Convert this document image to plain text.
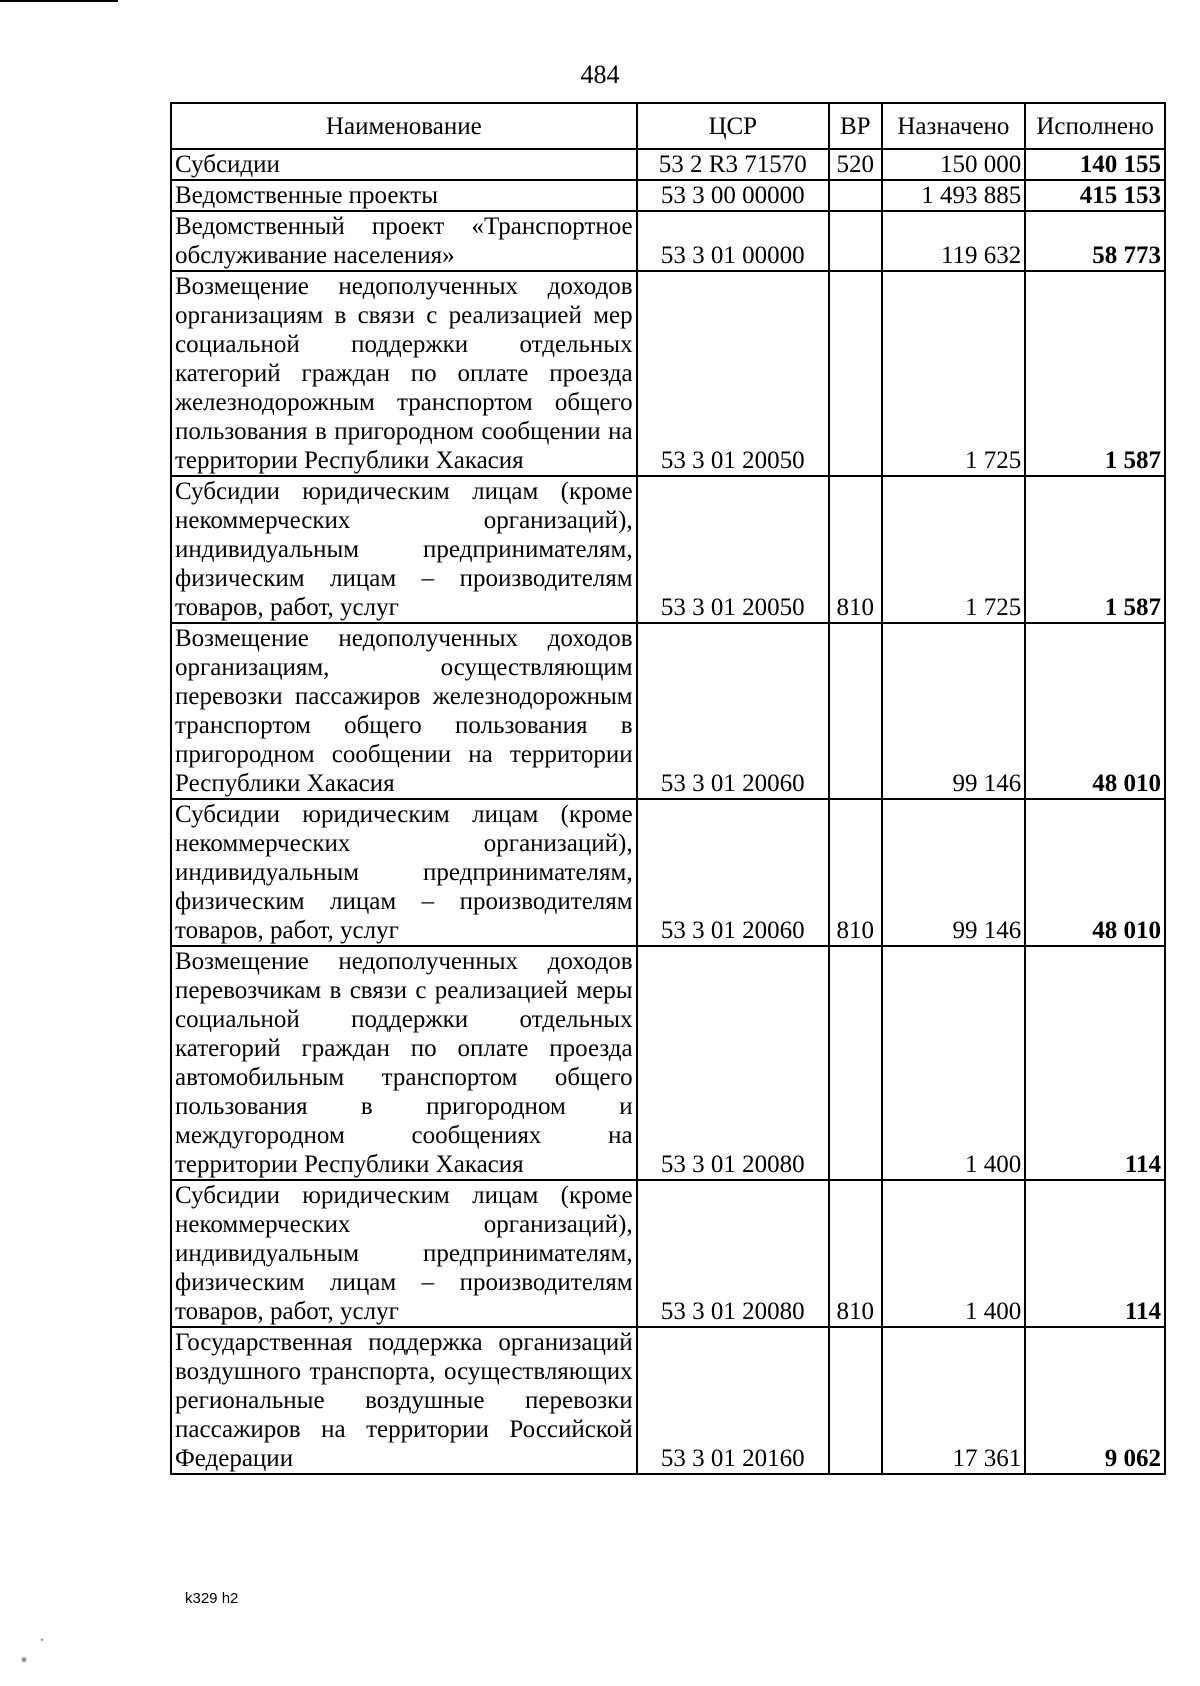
484
Наименование	ЦСР	ВР	Назначено	Исполнено
Субсидии	53 2 R3 71570	520	150 000	140 155
Ведомственные проекты	53 3 00 00000		1 493 885	415 153
Ведомственный проект «Транспортное обслуживание населения»	53 3 01 00000		119 632	58 773
Возмещение недополученных доходов организациям в связи с реализацией мер социальной поддержки отдельных категорий граждан по оплате проезда железнодорожным транспортом общего пользования в пригородном сообщении на территории Республики Хакасия	53 3 01 20050		1 725	1 587
Субсидии юридическим лицам (кроме некоммерческих организаций), индивидуальным предпринимателям, физическим лицам – производителям товаров, работ, услуг	53 3 01 20050	810	1 725	1 587
Возмещение недополученных доходов организациям, осуществляющим перевозки пассажиров железнодорожным транспортом общего пользования в пригородном сообщении на территории Республики Хакасия	53 3 01 20060		99 146	48 010
Субсидии юридическим лицам (кроме некоммерческих организаций), индивидуальным предпринимателям, физическим лицам – производителям товаров, работ, услуг	53 3 01 20060	810	99 146	48 010
Возмещение недополученных доходов перевозчикам в связи с реализацией меры социальной поддержки отдельных категорий граждан по оплате проезда автомобильным транспортом общего пользования в пригородном и междугородном сообщениях на территории Республики Хакасия	53 3 01 20080		1 400	114
Субсидии юридическим лицам (кроме некоммерческих организаций), индивидуальным предпринимателям, физическим лицам – производителям товаров, работ, услуг	53 3 01 20080	810	1 400	114
Государственная поддержка организаций воздушного транспорта, осуществляющих региональные воздушные перевозки пассажиров на территории Российской Федерации	53 3 01 20160		17 361	9 062
k329 h2
